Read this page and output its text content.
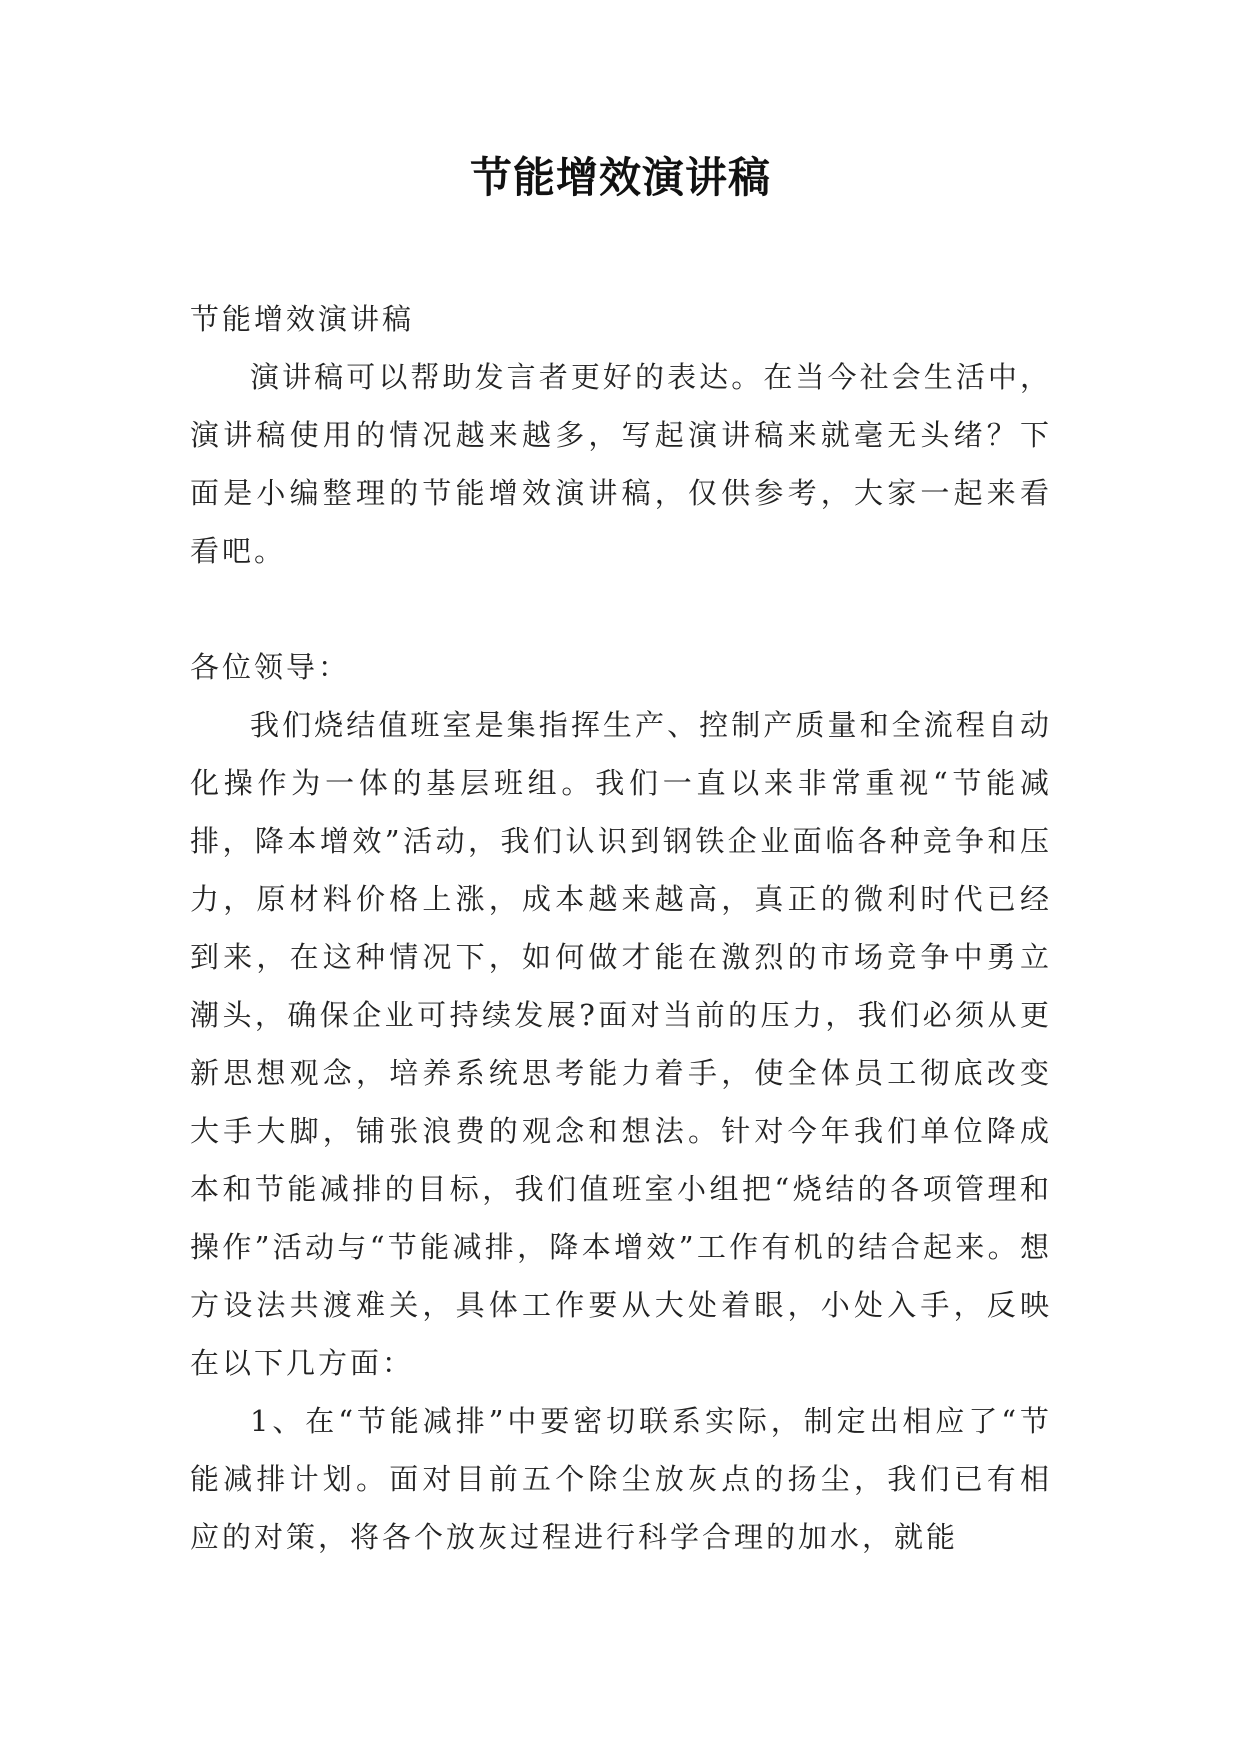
节能增效演讲稿

节能增效演讲稿

演讲稿可以帮助发言者更好的表达。在当今社会生活中，演讲稿使用的情况越来越多，写起演讲稿来就毫无头绪？下面是小编整理的节能增效演讲稿，仅供参考，大家一起来看看吧。

各位领导：

我们烧结值班室是集指挥生产、控制产质量和全流程自动化操作为一体的基层班组。我们一直以来非常重视“节能减排，降本增效”活动，我们认识到钢铁企业面临各种竞争和压力，原材料价格上涨，成本越来越高，真正的微利时代已经到来，在这种情况下，如何做才能在激烈的市场竞争中勇立潮头，确保企业可持续发展?面对当前的压力，我们必须从更新思想观念，培养系统思考能力着手，使全体员工彻底改变大手大脚，铺张浪费的观念和想法。针对今年我们单位降成本和节能减排的目标，我们值班室小组把“烧结的各项管理和操作”活动与“节能减排，降本增效”工作有机的结合起来。想方设法共渡难关，具体工作要从大处着眼，小处入手，反映在以下几方面：

1、在“节能减排”中要密切联系实际，制定出相应了“节能减排计划。面对目前五个除尘放灰点的扬尘，我们已有相应的对策，将各个放灰过程进行科学合理的加水，就能
